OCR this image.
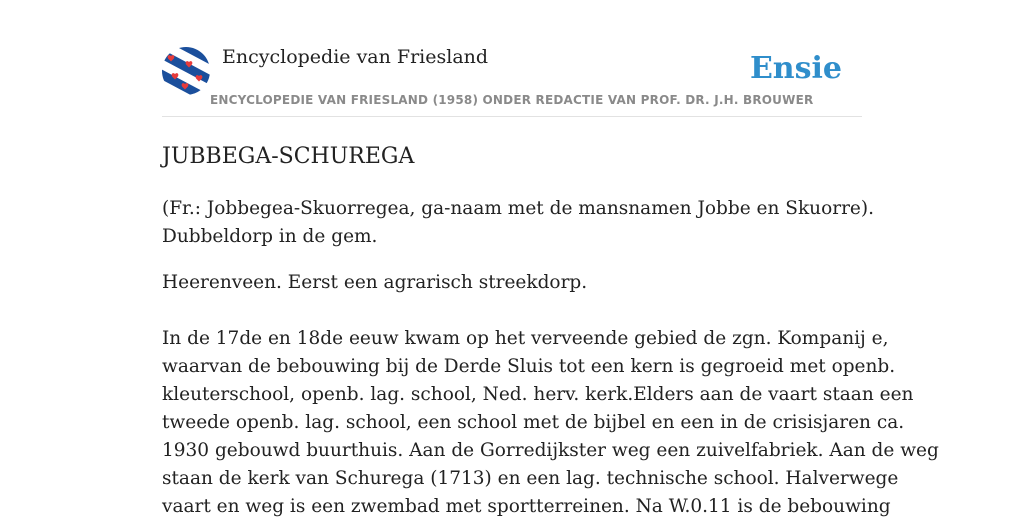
Encyclopedie van Friesland
ENCYCLOPEDIE VAN FRIESLAND (1958) ONDER REDACTIE VAN PROF. DR. J.H. BROUWER
Ensie
JUBBEGA-SCHUREGA
(Fr.: Jobbegea-Skuorregea, ga-naam met de mansnamen Jobbe en Skuorre).
Dubbeldorp in de gem.
Heerenveen. Eerst een agrarisch streekdorp.
In de 17de en 18de eeuw kwam op het verveende gebied de zgn. Kompanij e,
waarvan de bebouwing bij de Derde Sluis tot een kern is gegroeid met openb.
kleuterschool, openb. lag. school, Ned. herv. kerk.Elders aan de vaart staan een
tweede openb. lag. school, een school met de bijbel en een in de crisisjaren ca.
1930 gebouwd buurthuis. Aan de Gorredijkster weg een zuivelfabriek. Aan de weg
staan de kerk van Schurega (1713) en een lag. technische school. Halverwege
vaart en weg is een zwembad met sportterreinen. Na W.0.11 is de bebouwing
